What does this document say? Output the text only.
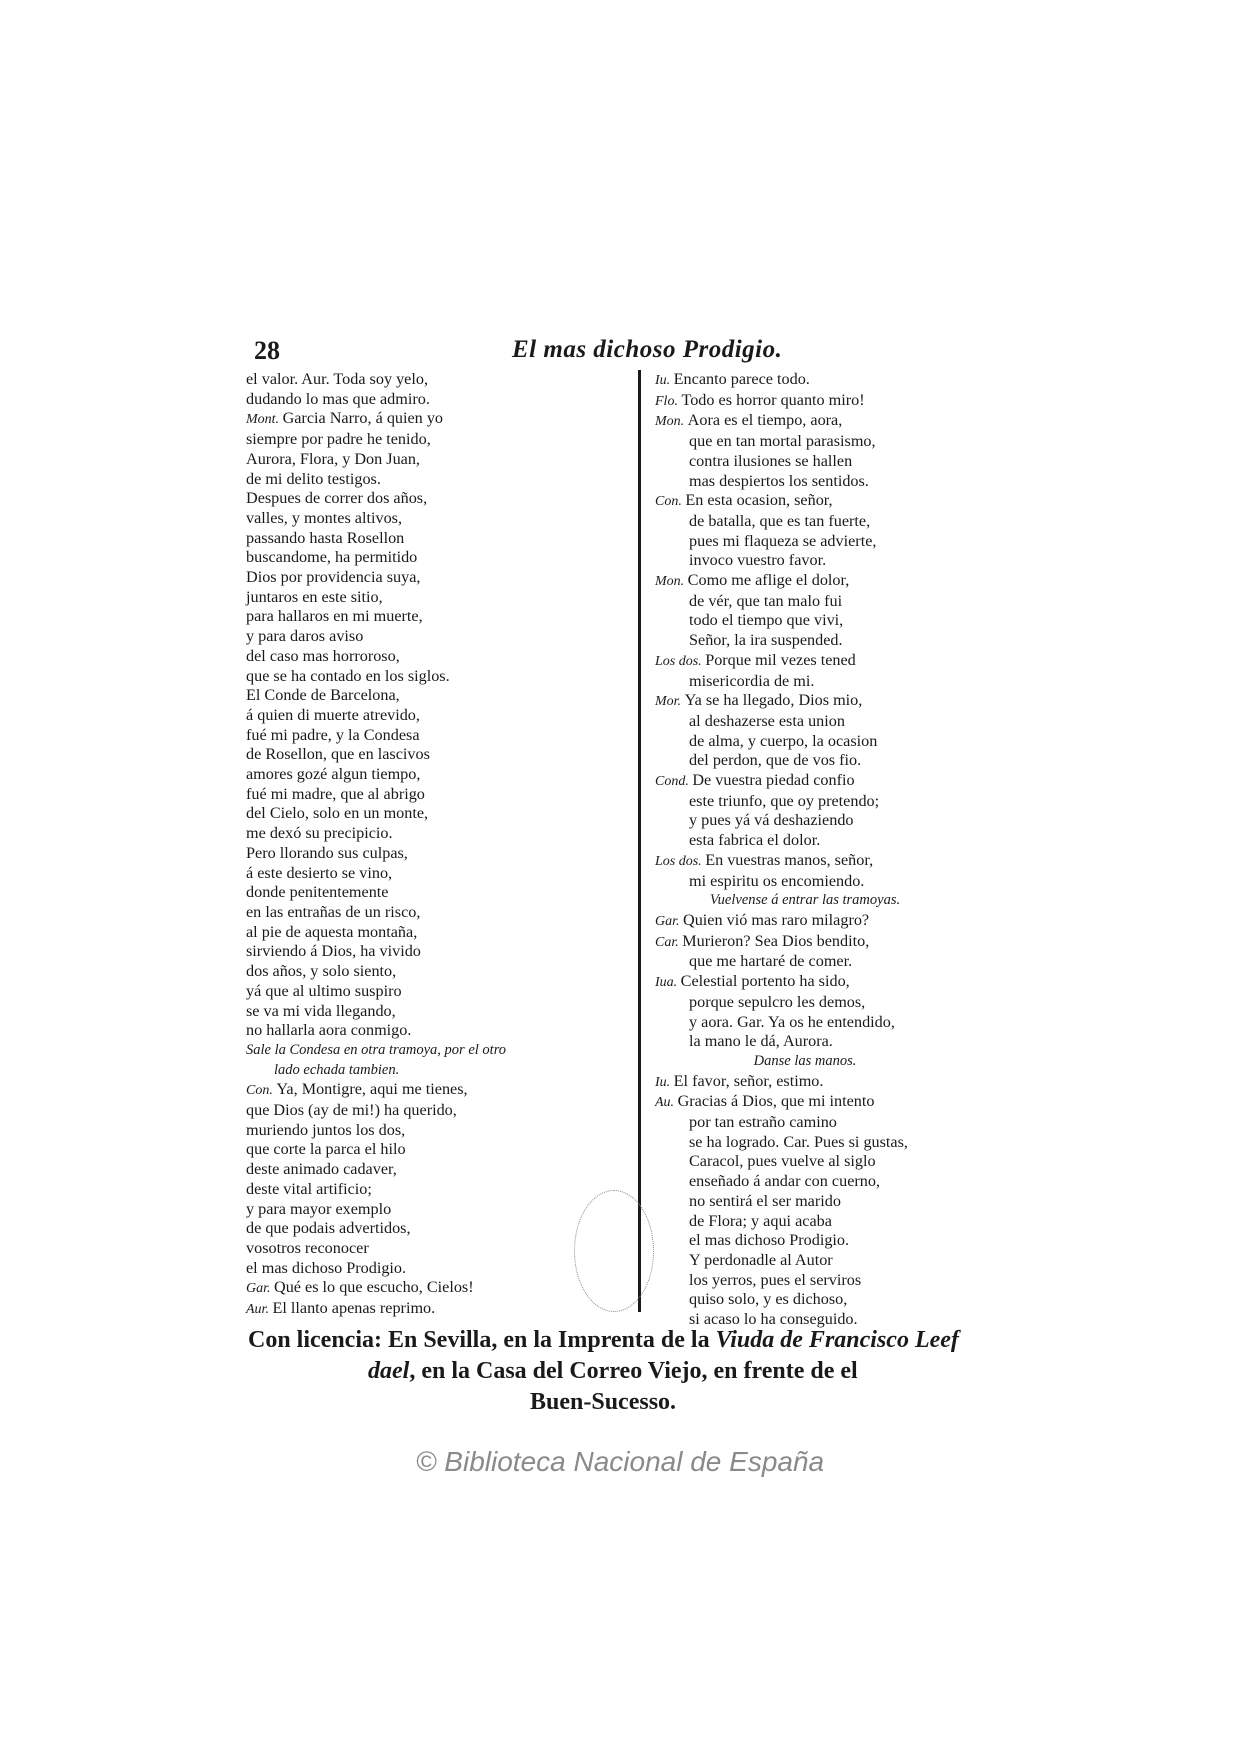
28	El mas dichoso Prodigio.
el valor. Aur. Toda soy yelo,
dudando lo mas que admiro.
Mont. Garcia Narro, á quien yo
siempre por padre he tenido,
Aurora, Flora, y Don Juan,
de mi delito testigos.
Despues de correr dos años,
valles, y montes altivos,
passando hasta Rosellon
buscandome, ha permitido
Dios por providencia suya,
juntaros en este sitio,
para hallaros en mi muerte,
y para daros aviso
del caso mas horroroso,
que se ha contado en los siglos.
El Conde de Barcelona,
á quien di muerte atrevido,
fué mi padre, y la Condesa
de Rosellon, que en lascivos
amores gozé algun tiempo,
fué mi madre, que al abrigo
del Cielo, solo en un monte,
me dexó su precipicio.
Pero llorando sus culpas,
á este desierto se vino,
donde penitentemente
en las entrañas de un risco,
al pie de aquesta montaña,
sirviendo á Dios, ha vivido
dos años, y solo siento,
yá que al ultimo suspiro
se va mi vida llegando,
no hallarla aora conmigo.
Sale la Condesa en otra tramoya, por el otro
lado echada tambien.
Con. Ya, Montigre, aqui me tienes,
que Dios (ay de mi!) ha querido,
muriendo juntos los dos,
que corte la parca el hilo
deste animado cadaver,
deste vital artificio;
y para mayor exemplo
de que podais advertidos,
vosotros reconocer
el mas dichoso Prodigio.
Gar. Qué es lo que escucho, Cielos!
Aur. El llanto apenas reprimo.
Iu. Encanto parece todo.
Flo. Todo es horror quanto miro!
Mon. Aora es el tiempo, aora,
que en tan mortal parasismo,
contra ilusiones se hallen
mas despiertos los sentidos.
Con. En esta ocasion, señor,
de batalla, que es tan fuerte,
pues mi flaqueza se advierte,
invoco vuestro favor.
Mon. Como me aflige el dolor,
de vér, que tan malo fui
todo el tiempo que vivi,
Señor, la ira suspended.
Los dos. Porque mil vezes tened
misericordia de mi.
Mor. Ya se ha llegado, Dios mio,
al deshazerse esta union
de alma, y cuerpo, la ocasion
del perdon, que de vos fio.
Cond. De vuestra piedad confio
este triunfo, que oy pretendo;
y pues yá vá deshaziendo
esta fabrica el dolor.
Los dos. En vuestras manos, señor,
mi espiritu os encomiendo.
Vuelvense á entrar las tramoyas.
Gar. Quien vió mas raro milagro?
Car. Murieron? Sea Dios bendito,
que me hartaré de comer.
Iua. Celestial portento ha sido,
porque sepulcro les demos,
y aora. Gar. Ya os he entendido,
la mano le dá, Aurora.
Danse las manos.
Iu. El favor, señor, estimo.
Au. Gracias á Dios, que mi intento
por tan estraño camino
se ha logrado. Car. Pues si gustas,
Caracol, pues vuelve al siglo
enseñado á andar con cuerno,
no sentirá el ser marido
de Flora; y aqui acaba
el mas dichoso Prodigio.
Y perdonadle al Autor
los yerros, pues el serviros
quiso solo, y es dichoso,
si acaso lo ha conseguido.
Con licencia: En Sevilla, en la Imprenta de la Viuda de Francisco Leef
dael, en la Casa del Correo Viejo, en frente de el
Buen-Sucesso.
© Biblioteca Nacional de España
